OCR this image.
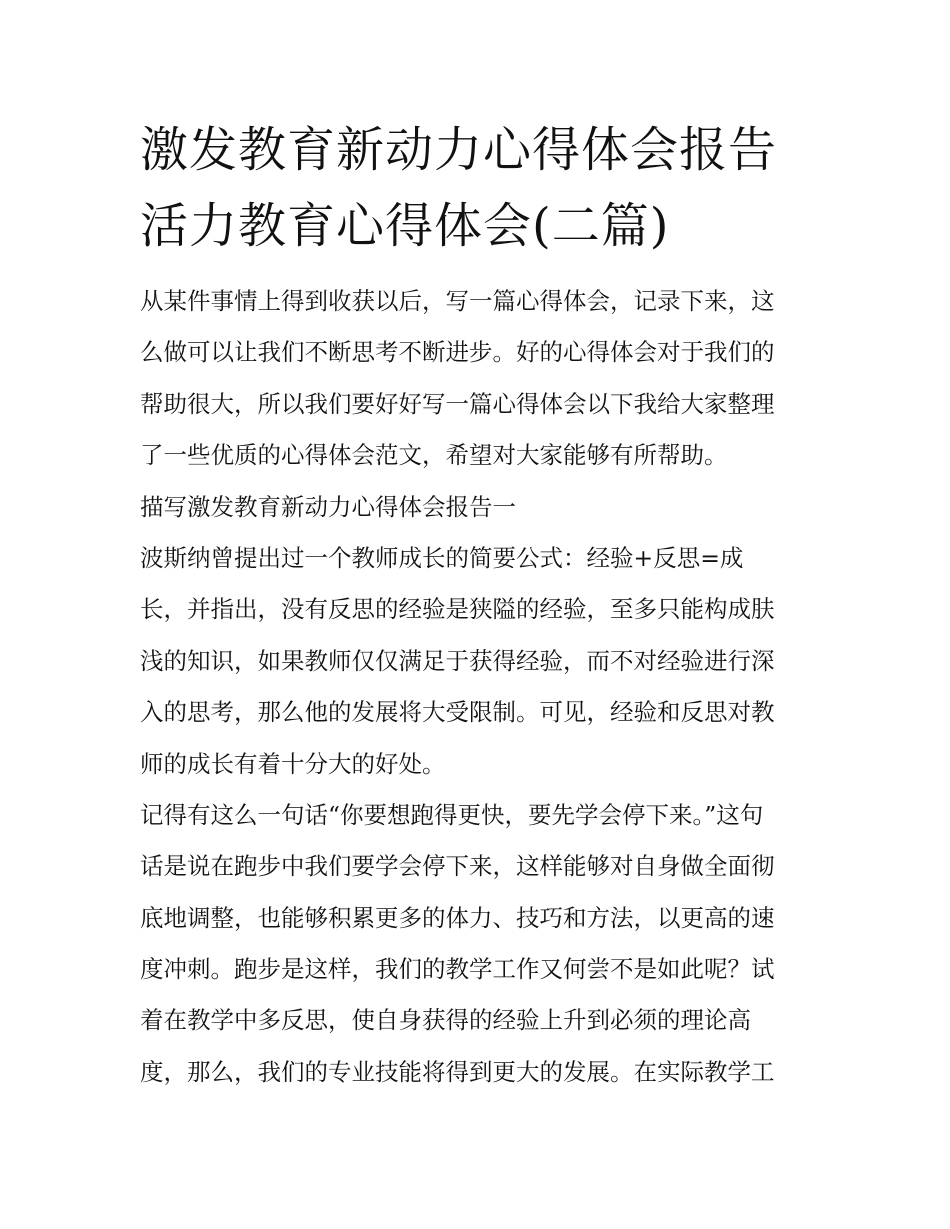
激发教育新动力心得体会报告
活力教育心得体会(二篇)
从某件事情上得到收获以后，写一篇心得体会，记录下来，这
么做可以让我们不断思考不断进步。好的心得体会对于我们的
帮助很大，所以我们要好好写一篇心得体会以下我给大家整理
了一些优质的心得体会范文，希望对大家能够有所帮助。
描写激发教育新动力心得体会报告一
波斯纳曾提出过一个教师成长的简要公式：经验+反思=成
长，并指出，没有反思的经验是狭隘的经验，至多只能构成肤
浅的知识，如果教师仅仅满足于获得经验，而不对经验进行深
入的思考，那么他的发展将大受限制。可见，经验和反思对教
师的成长有着十分大的好处。
记得有这么一句话“你要想跑得更快，要先学会停下来。”这句
话是说在跑步中我们要学会停下来，这样能够对自身做全面彻
底地调整，也能够积累更多的体力、技巧和方法，以更高的速
度冲刺。跑步是这样，我们的教学工作又何尝不是如此呢？试
着在教学中多反思，使自身获得的经验上升到必须的理论高
度，那么，我们的专业技能将得到更大的发展。在实际教学工
